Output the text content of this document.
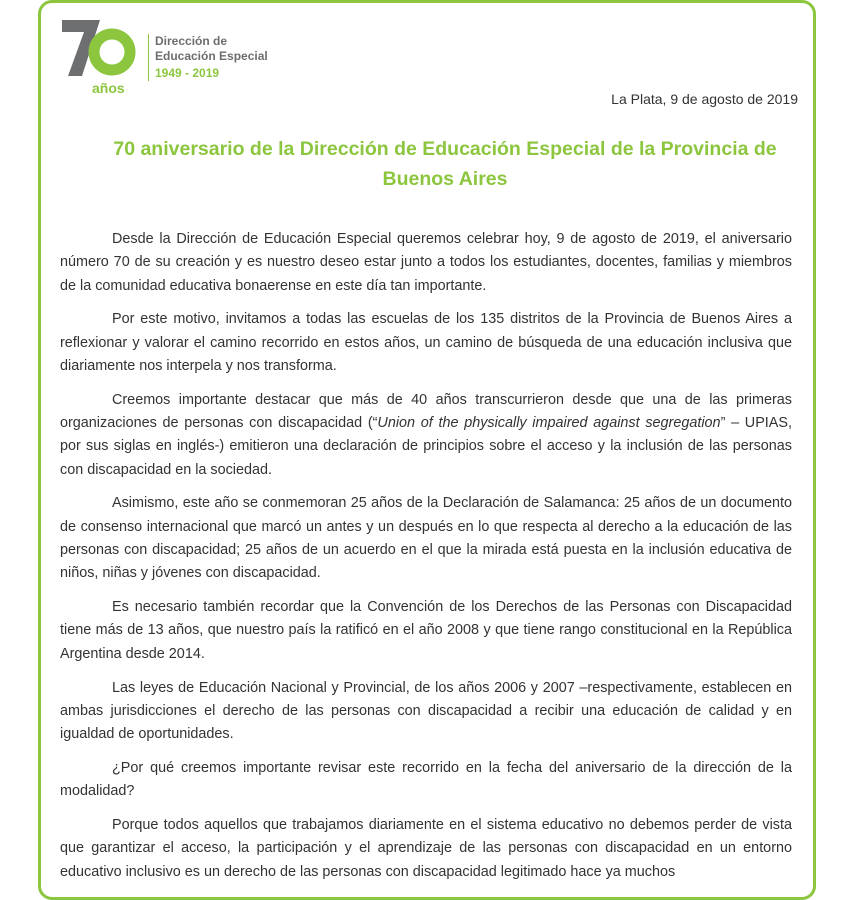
años
Dirección de
Educación Especial
1949 - 2019
La Plata, 9 de agosto de 2019
70 aniversario de la Dirección de Educación Especial de la Provincia de Buenos Aires

Desde la Dirección de Educación Especial queremos celebrar hoy, 9 de agosto de 2019, el aniversario número 70 de su creación y es nuestro deseo estar junto a todos los estudiantes, docentes, familias y miembros de la comunidad educativa bonaerense en este día tan importante.

Por este motivo, invitamos a todas las escuelas de los 135 distritos de la Provincia de Buenos Aires a reflexionar y valorar el camino recorrido en estos años, un camino de búsqueda de una educación inclusiva que diariamente nos interpela y nos transforma.

Creemos importante destacar que más de 40 años transcurrieron desde que una de las primeras organizaciones de personas con discapacidad (“Union of the physically impaired against segregation” – UPIAS, por sus siglas en inglés-) emitieron una declaración de principios sobre el acceso y la inclusión de las personas con discapacidad en la sociedad.

Asimismo, este año se conmemoran 25 años de la Declaración de Salamanca: 25 años de un documento de consenso internacional que marcó un antes y un después en lo que respecta al derecho a la educación de las personas con discapacidad; 25 años de un acuerdo en el que la mirada está puesta en la inclusión educativa de niños, niñas y jóvenes con discapacidad.

Es necesario también recordar que la Convención de los Derechos de las Personas con Discapacidad tiene más de 13 años, que nuestro país la ratificó en el año 2008 y que tiene rango constitucional en la República Argentina desde 2014.

Las leyes de Educación Nacional y Provincial, de los años 2006 y 2007 –respectivamente, establecen en ambas jurisdicciones el derecho de las personas con discapacidad a recibir una educación de calidad y en igualdad de oportunidades.

¿Por qué creemos importante revisar este recorrido en la fecha del aniversario de la dirección de la modalidad?

Porque todos aquellos que trabajamos diariamente en el sistema educativo no debemos perder de vista que garantizar el acceso, la participación y el aprendizaje de las personas con discapacidad en un entorno educativo inclusivo es un derecho de las personas con discapacidad legitimado hace ya muchos
